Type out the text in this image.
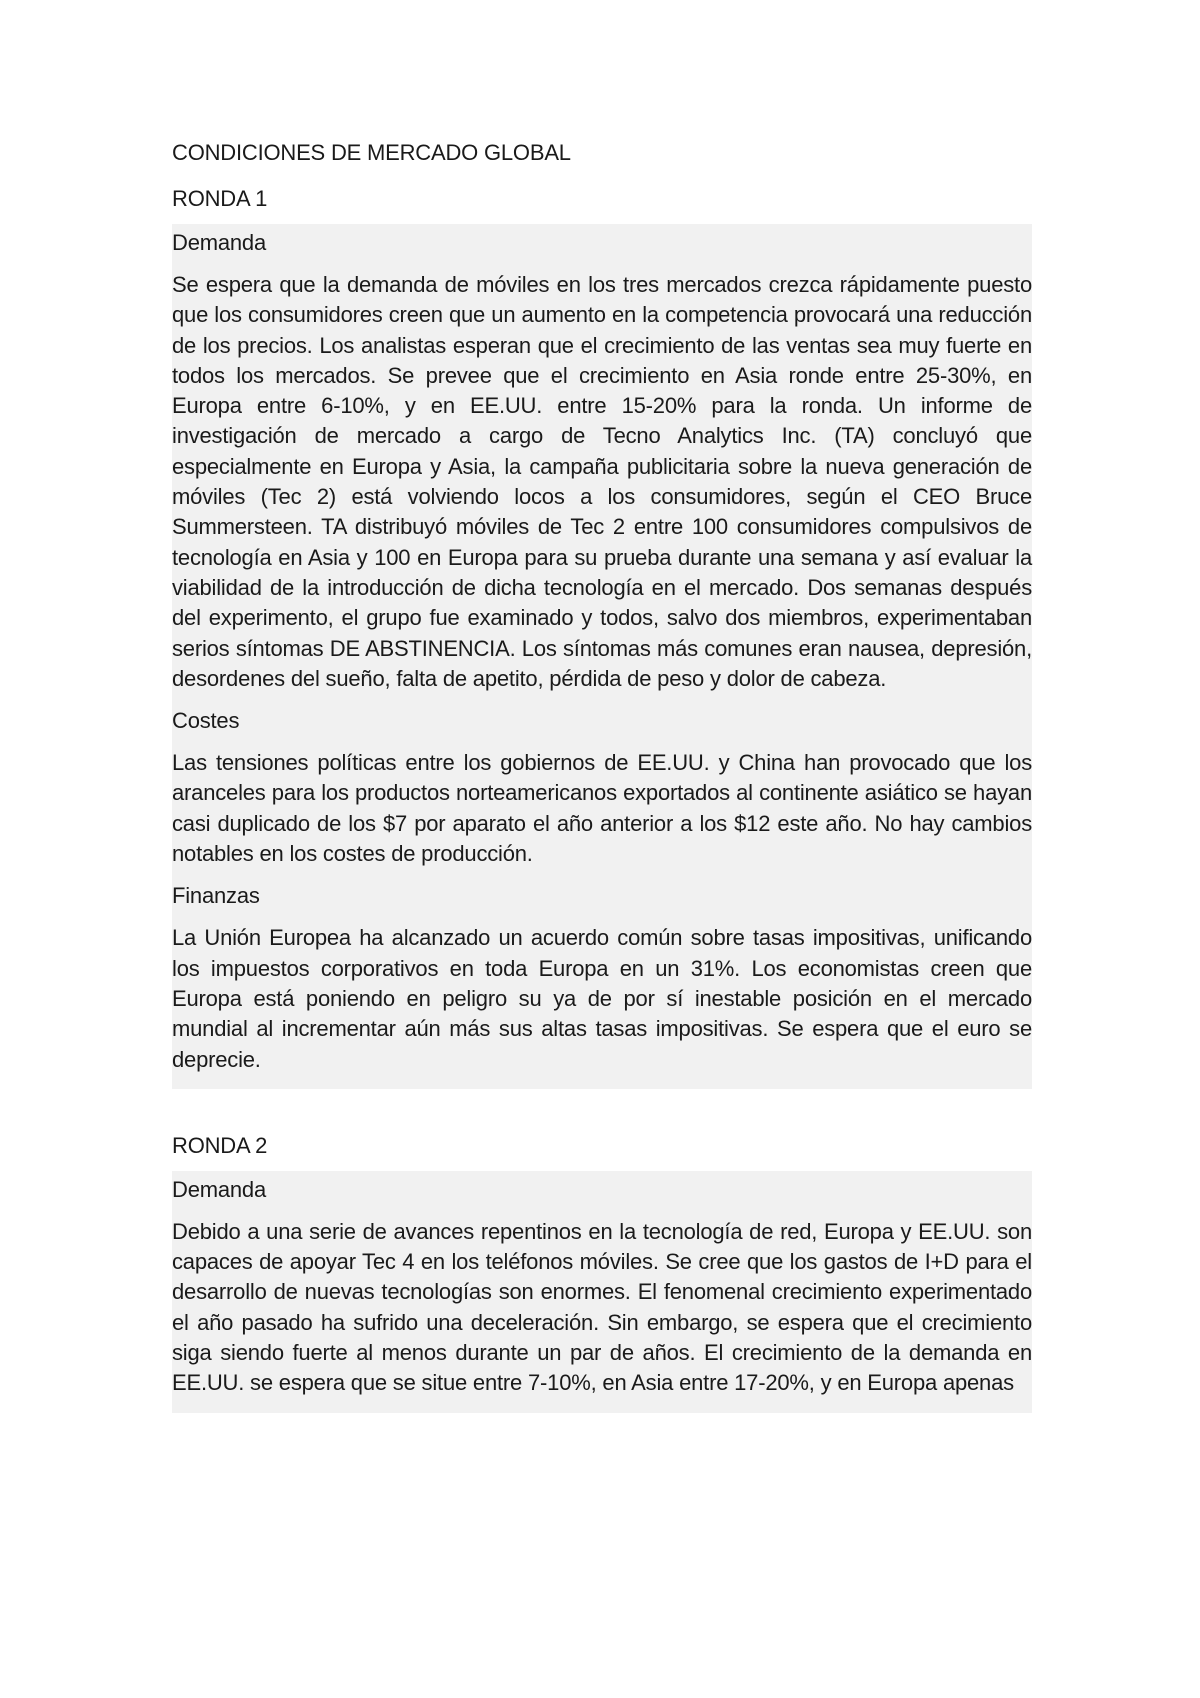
CONDICIONES DE MERCADO GLOBAL
RONDA 1
Demanda

Se espera que la demanda de móviles en los tres mercados crezca rápidamente puesto que los consumidores creen que un aumento en la competencia provocará una reducción de los precios. Los analistas esperan que el crecimiento de las ventas sea muy fuerte en todos los mercados. Se prevee que el crecimiento en Asia ronde entre 25-30%, en Europa entre 6-10%, y en EE.UU. entre 15-20% para la ronda. Un informe de investigación de mercado a cargo de Tecno Analytics Inc. (TA) concluyó que especialmente en Europa y Asia, la campaña publicitaria sobre la nueva generación de móviles (Tec 2) está volviendo locos a los consumidores, según el CEO Bruce Summersteen. TA distribuyó móviles de Tec 2 entre 100 consumidores compulsivos de tecnología en Asia y 100 en Europa para su prueba durante una semana y así evaluar la viabilidad de la introducción de dicha tecnología en el mercado. Dos semanas después del experimento, el grupo fue examinado y todos, salvo dos miembros, experimentaban serios síntomas DE ABSTINENCIA. Los síntomas más comunes eran nausea, depresión, desordenes del sueño, falta de apetito, pérdida de peso y dolor de cabeza.

Costes

Las tensiones políticas entre los gobiernos de EE.UU. y China han provocado que los aranceles para los productos norteamericanos exportados al continente asiático se hayan casi duplicado de los $7 por aparato el año anterior a los $12 este año. No hay cambios notables en los costes de producción.

Finanzas

La Unión Europea ha alcanzado un acuerdo común sobre tasas impositivas, unificando los impuestos corporativos en toda Europa en un 31%. Los economistas creen que Europa está poniendo en peligro su ya de por sí inestable posición en el mercado mundial al incrementar aún más sus altas tasas impositivas. Se espera que el euro se deprecie.

RONDA 2
Demanda

Debido a una serie de avances repentinos en la tecnología de red, Europa y EE.UU. son capaces de apoyar Tec 4 en los teléfonos móviles. Se cree que los gastos de I+D para el desarrollo de nuevas tecnologías son enormes. El fenomenal crecimiento experimentado el año pasado ha sufrido una deceleración. Sin embargo, se espera que el crecimiento siga siendo fuerte al menos durante un par de años. El crecimiento de la demanda en EE.UU. se espera que se situe entre 7-10%, en Asia entre 17-20%, y en Europa apenas
